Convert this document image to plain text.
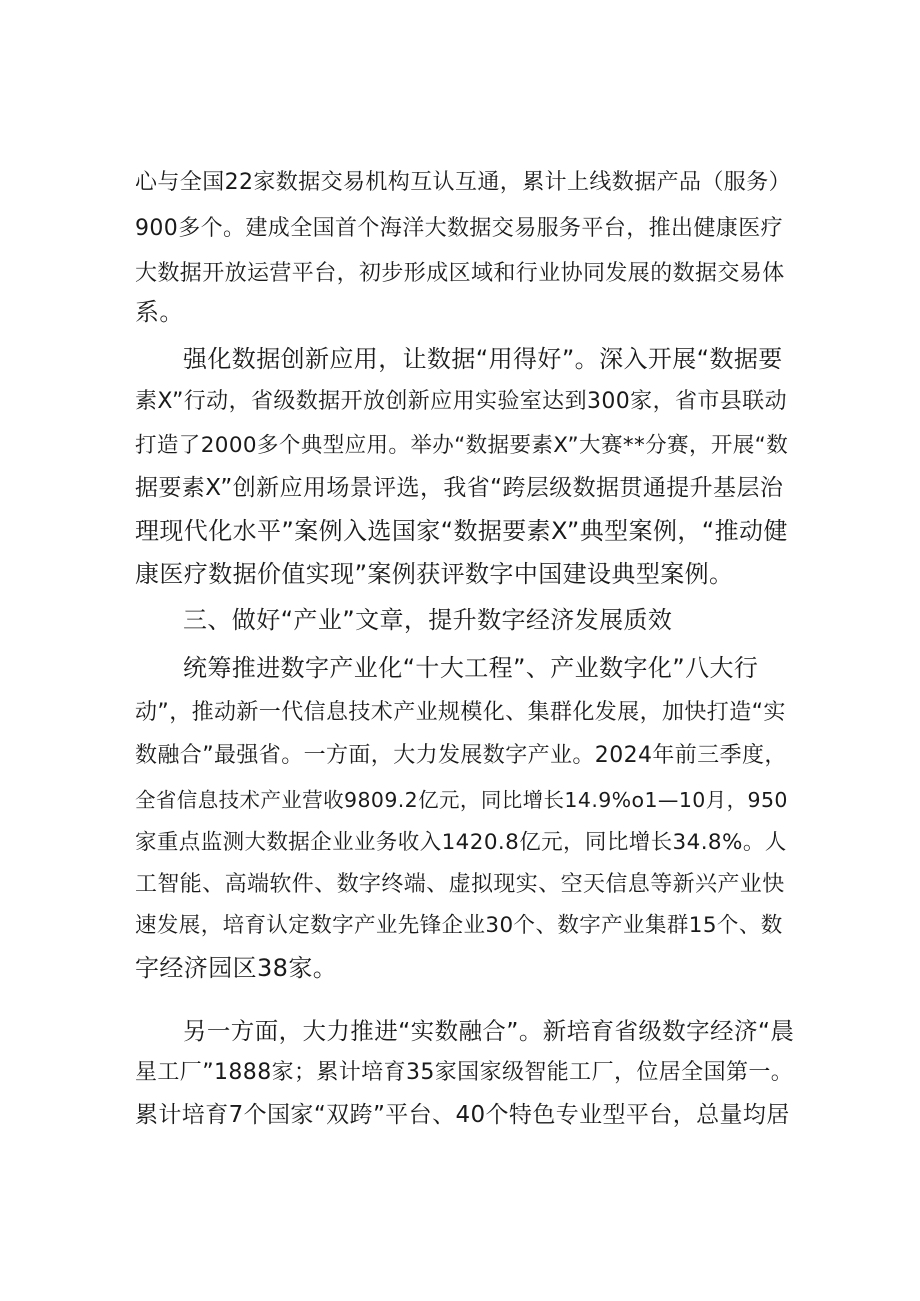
心与全国22家数据交易机构互认互通，累计上线数据产品（服务）
900多个。建成全国首个海洋大数据交易服务平台，推出健康医疗
大数据开放运营平台，初步形成区域和行业协同发展的数据交易体
系。
强化数据创新应用，让数据“用得好”。深入开展“数据要
素X”行动，省级数据开放创新应用实验室达到300家，省市县联动
打造了2000多个典型应用。举办“数据要素X”大赛**分赛，开展“数
据要素X”创新应用场景评选，我省“跨层级数据贯通提升基层治
理现代化水平”案例入选国家“数据要素X”典型案例，“推动健
康医疗数据价值实现”案例获评数字中国建设典型案例。
三、做好“产业”文章，提升数字经济发展质效
统筹推进数字产业化“十大工程”、产业数字化”八大行
动”，推动新一代信息技术产业规模化、集群化发展，加快打造“实
数融合”最强省。一方面，大力发展数字产业。2024年前三季度，
全省信息技术产业营收9809.2亿元，同比增长14.9%o1—10月，950
家重点监测大数据企业业务收入1420.8亿元，同比增长34.8%。人
工智能、高端软件、数字终端、虚拟现实、空天信息等新兴产业快
速发展，培育认定数字产业先锋企业30个、数字产业集群15个、数
字经济园区38家。
另一方面，大力推进“实数融合”。新培育省级数字经济“晨
星工厂”1888家；累计培育35家国家级智能工厂，位居全国第一。
累计培育7个国家“双跨”平台、40个特色专业型平台，总量均居
